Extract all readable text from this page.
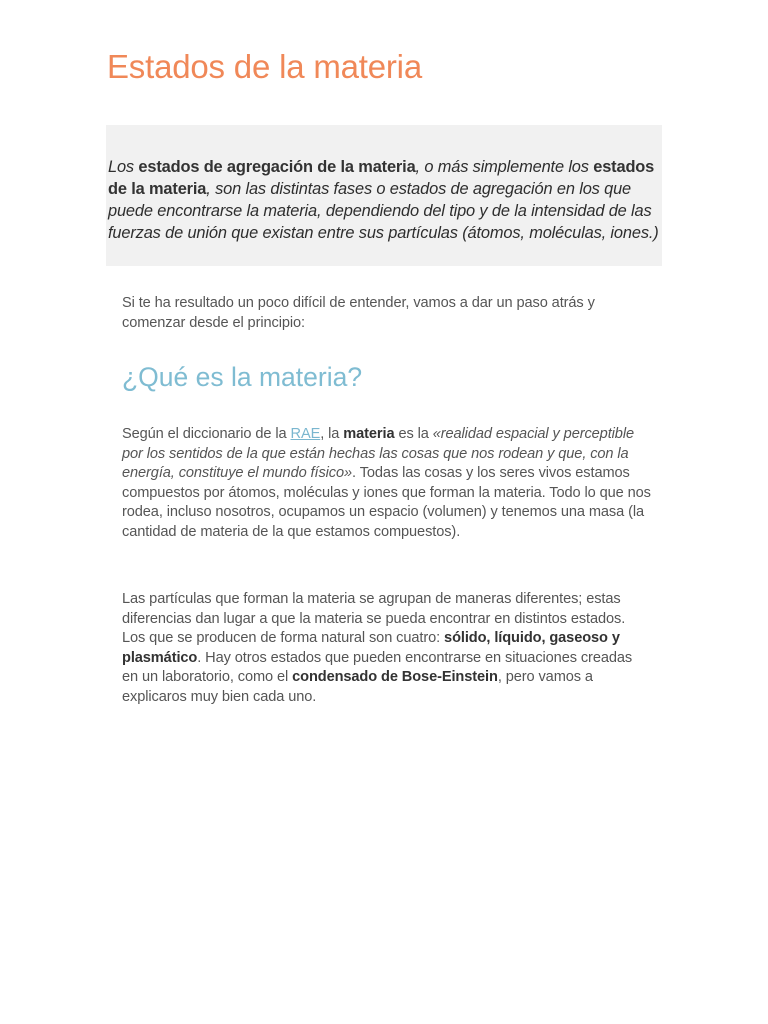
Estados de la materia

Los estados de agregación de la materia, o más simplemente los estados de la materia, son las distintas fases o estados de agregación en los que puede encontrarse la materia, dependiendo del tipo y de la intensidad de las fuerzas de unión que existan entre sus partículas (átomos, moléculas, iones.)

Si te ha resultado un poco difícil de entender, vamos a dar un paso atrás y comenzar desde el principio:

¿Qué es la materia?

Según el diccionario de la RAE, la materia es la «realidad espacial y perceptible por los sentidos de la que están hechas las cosas que nos rodean y que, con la energía, constituye el mundo físico». Todas las cosas y los seres vivos estamos compuestos por átomos, moléculas y iones que forman la materia. Todo lo que nos rodea, incluso nosotros, ocupamos un espacio (volumen) y tenemos una masa (la cantidad de materia de la que estamos compuestos).

Las partículas que forman la materia se agrupan de maneras diferentes; estas diferencias dan lugar a que la materia se pueda encontrar en distintos estados. Los que se producen de forma natural son cuatro: sólido, líquido, gaseoso y plasmático. Hay otros estados que pueden encontrarse en situaciones creadas en un laboratorio, como el condensado de Bose-Einstein, pero vamos a explicaros muy bien cada uno.
